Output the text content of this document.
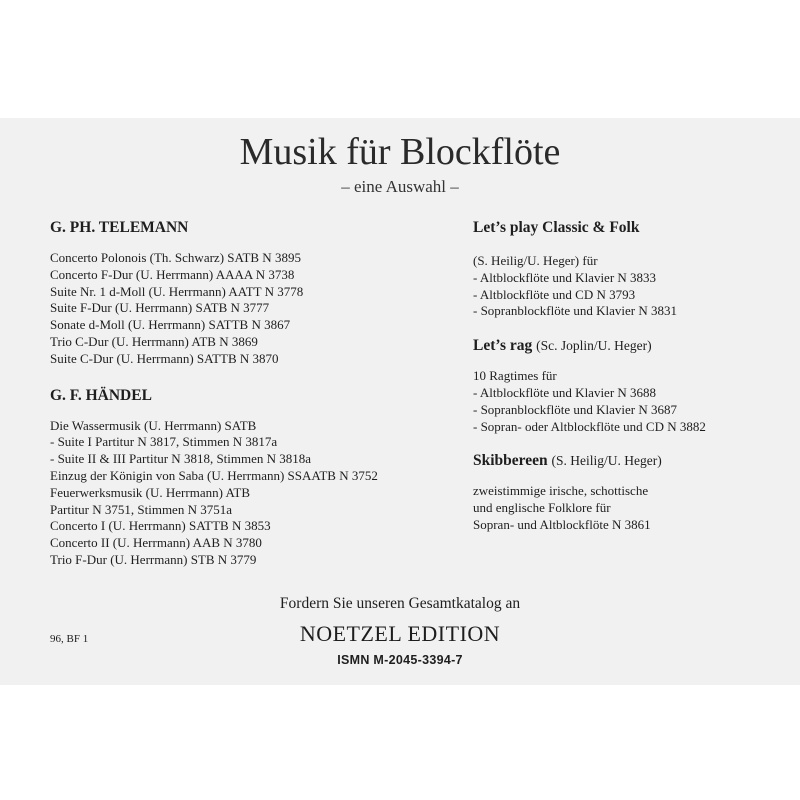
Musik für Blockflöte
– eine Auswahl –
G. PH. TELEMANN
Concerto Polonois (Th. Schwarz) SATB N 3895
Concerto F-Dur (U. Herrmann) AAAA N 3738
Suite Nr. 1 d-Moll (U. Herrmann) AATT N 3778
Suite F-Dur (U. Herrmann) SATB N 3777
Sonate d-Moll (U. Herrmann) SATTB N 3867
Trio C-Dur (U. Herrmann) ATB N 3869
Suite C-Dur (U. Herrmann) SATTB N 3870
G. F. HÄNDEL
Die Wassermusik (U. Herrmann) SATB
- Suite I Partitur N 3817, Stimmen N 3817a
- Suite II & III Partitur N 3818, Stimmen N 3818a
Einzug der Königin von Saba (U. Herrmann) SSAATB N 3752
Feuerwerksmusik (U. Herrmann) ATB
Partitur N 3751, Stimmen N 3751a
Concerto I (U. Herrmann) SATTB N 3853
Concerto II (U. Herrmann) AAB N 3780
Trio F-Dur (U. Herrmann) STB N 3779
Let’s play Classic & Folk
(S. Heilig/U. Heger) für
- Altblockflöte und Klavier N 3833
- Altblockflöte und CD N 3793
- Sopranblockflöte und Klavier N 3831
Let’s rag (Sc. Joplin/U. Heger)
10 Ragtimes für
- Altblockflöte und Klavier N 3688
- Sopranblockflöte und Klavier N 3687
- Sopran- oder Altblockflöte und CD N 3882
Skibbereen (S. Heilig/U. Heger)
zweistimmige irische, schottische
und englische Folklore für
Sopran- und Altblockflöte N 3861
Fordern Sie unseren Gesamtkatalog an
NOETZEL EDITION
ISMN M-2045-3394-7
96, BF 1
